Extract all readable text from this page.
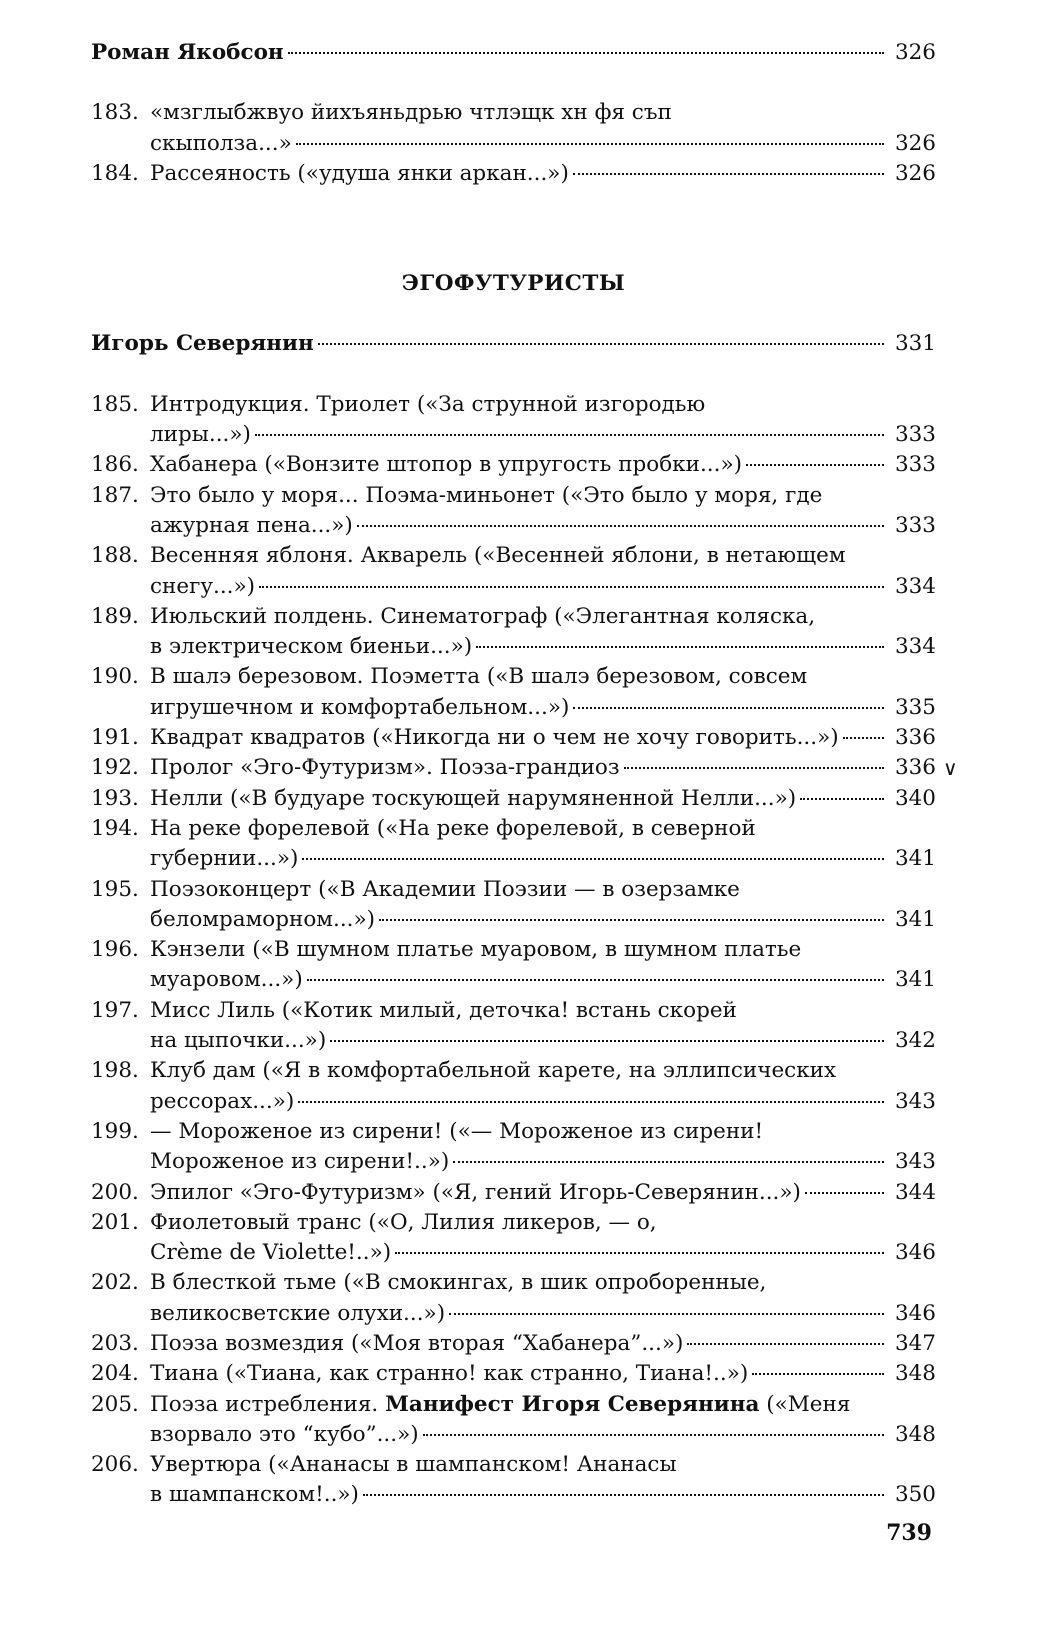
Роман Якобсон	326
183. «мзглыбжвуо йихъяньдрью чтлэщк хн фя съп
скыполза...»	326
184. Рассеянocть («удуша янки аркан...»)	326
ЭГОФУТУРИСТЫ
Игорь Северянин	331
185. Интродукция. Триолет («За струнной изгородью
лиры...»)	333
186. Хабанера («Вонзите штопор в упругость пробки...»)	333
187. Это было у моря... Поэма-миньонет («Это было у моря, где
ажурная пена...»)	333
188. Весенняя яблоня. Акварель («Весенней яблони, в нетающем
снегу...»)	334
189. Июльский полдень. Синематограф («Элегантная коляска,
в электрическом биеньи...»)	334
190. В шалэ березовом. Поэметта («В шалэ березовом, совсем
игрушечном и комфортабельном...»)	335
191. Квадрат квадратов («Никогда ни о чем не хочу говорить...»)	336
192. Пролог «Эго-Футуризм». Поэза-грандиоз	336 ∨
193. Нелли («В будуаре тоскующей нарумяненной Нелли...»)	340
194. На реке форелевой («На реке форелевой, в северной
губернии...»)	341
195. Поэзоконцерт («В Академии Поэзии — в озерзамке
беломраморном...»)	341
196. Кэнзели («В шумном платье муаровом, в шумном платье
муаровом...»)	341
197. Мисс Лиль («Котик милый, деточка! встань скорей
на цыпочки...»)	342
198. Клуб дам («Я в комфортабельной карете, на эллипсических
рессорах...»)	343
199. — Мороженое из сирени! («— Мороженое из сирени!
Мороженое из сирени!..»)	343
200. Эпилог «Эго-Футуризм» («Я, гений Игорь-Северянин...»)	344
201. Фиолетовый транс («О, Лилия ликеров, — о,
Crème de Violette!..»)	346
202. В блесткой тьме («В смокингах, в шик опроборенные,
великосветские олухи...»)	346
203. Поэза возмездия («Моя вторая “Хабанера”...»)	347
204. Тиана («Тиана, как странно! как странно, Тиана!..»)	348
205. Поэза истребления. Манифест Игоря Северянина («Меня
взорвало это “кубо”...»)	348
206. Увертюра («Ананасы в шампанском! Ананасы
в шампанском!..»)	350
739
